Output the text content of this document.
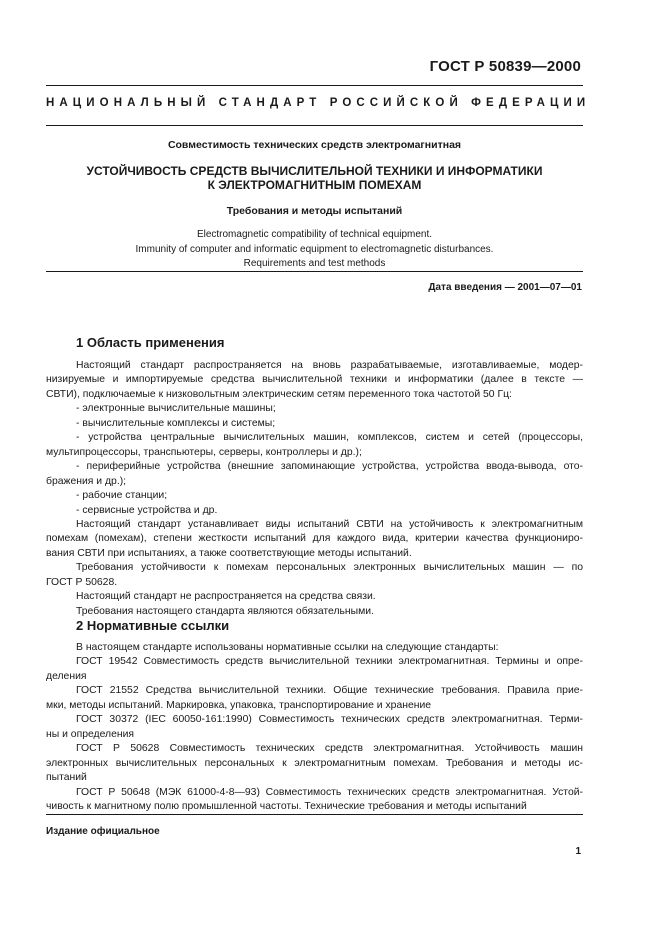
ГОСТ Р 50839—2000
НАЦИОНАЛЬНЫЙ СТАНДАРТ РОССИЙСКОЙ ФЕДЕРАЦИИ
Совместимость технических средств электромагнитная
УСТОЙЧИВОСТЬ СРЕДСТВ ВЫЧИСЛИТЕЛЬНОЙ ТЕХНИКИ И ИНФОРМАТИКИ
К ЭЛЕКТРОМАГНИТНЫМ ПОМЕХАМ
Требования и методы испытаний
Electromagnetic compatibility of technical equipment.
Immunity of computer and informatic equipment to electromagnetic disturbances.
Requirements and test methods
Дата введения — 2001—07—01
1 Область применения

Настоящий стандарт распространяется на вновь разрабатываемые, изготавливаемые, модер-

низируемые и импортируемые средства вычислительной техники и информатики (далее в тексте —

СВТИ), подключаемые к низковольтным электрическим сетям переменного тока частотой 50 Гц:

- электронные вычислительные машины;

- вычислительные комплексы и системы;

- устройства центральные вычислительных машин, комплексов, систем и сетей (процессоры,

мультипроцессоры, транспьютеры, серверы, контроллеры и др.);

- периферийные устройства (внешние запоминающие устройства, устройства ввода-вывода, ото-

бражения и др.);

- рабочие станции;

- сервисные устройства и др.

Настоящий стандарт устанавливает виды испытаний СВТИ на устойчивость к электромагнитным

помехам (помехам), степени жесткости испытаний для каждого вида, критерии качества функциониро-

вания СВТИ при испытаниях, а также соответствующие методы испытаний.

Требования устойчивости к помехам персональных электронных вычислительных машин — по

ГОСТ Р 50628.

Настоящий стандарт не распространяется на средства связи.

Требования настоящего стандарта являются обязательными.

2 Нормативные ссылки

В настоящем стандарте использованы нормативные ссылки на следующие стандарты:

ГОСТ 19542 Совместимость средств вычислительной техники электромагнитная. Термины и опре-

деления

ГОСТ 21552 Средства вычислительной техники. Общие технические требования. Правила прие-

мки, методы испытаний. Маркировка, упаковка, транспортирование и хранение

ГОСТ 30372 (IEC 60050-161:1990) Совместимость технических средств электромагнитная. Терми-

ны и определения

ГОСТ Р 50628 Совместимость технических средств электромагнитная. Устойчивость машин

электронных вычислительных персональных к электромагнитным помехам. Требования и методы ис-

пытаний

ГОСТ Р 50648 (МЭК 61000-4-8—93) Совместимость технических средств электромагнитная. Устой-

чивость к магнитному полю промышленной частоты. Технические требования и методы испытаний

Издание официальное
1
